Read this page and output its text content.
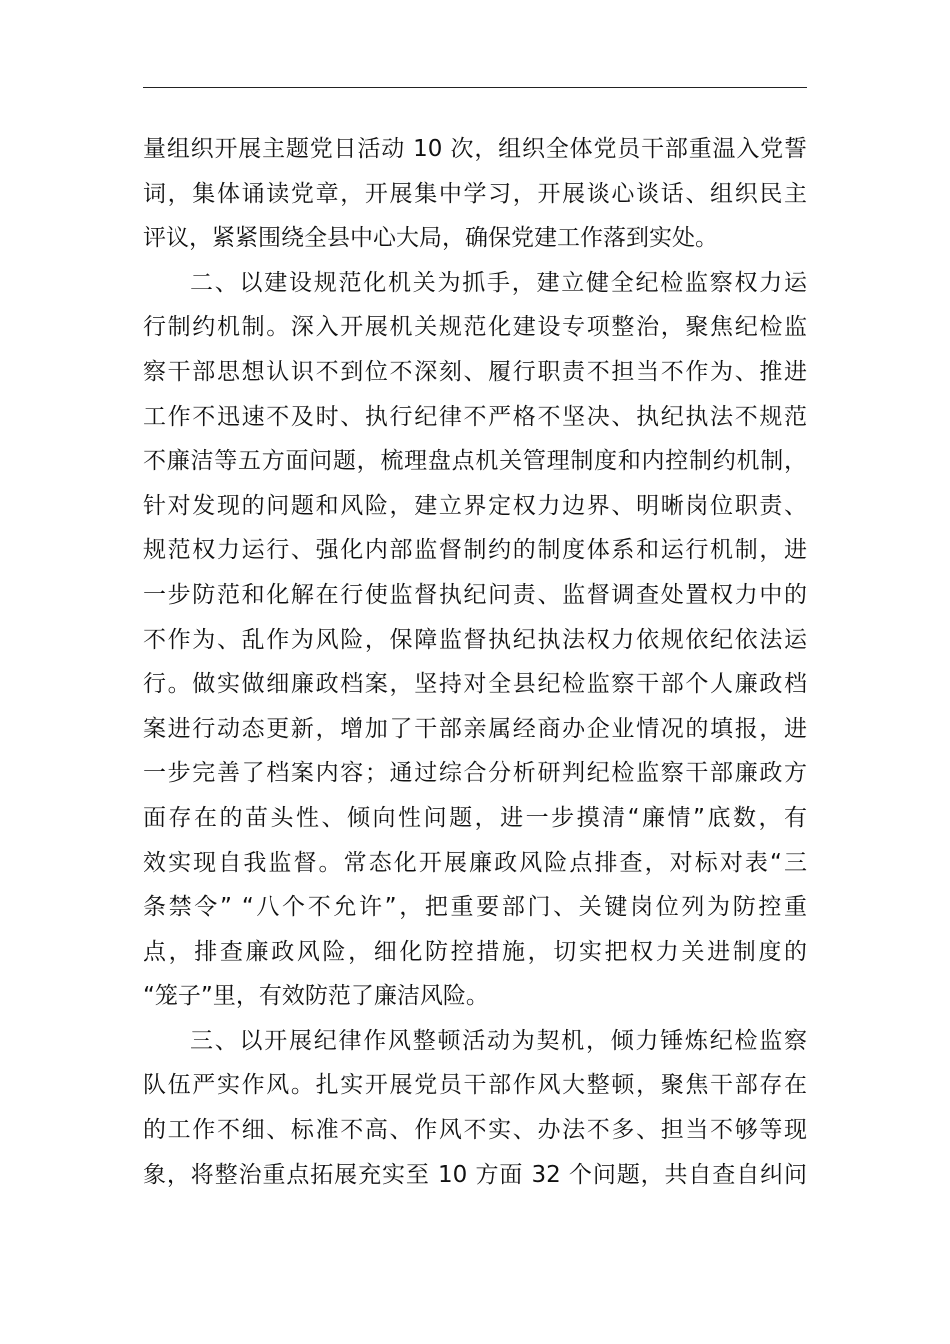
量组织开展主题党日活动 10 次，组织全体党员干部重温入党誓
词，集体诵读党章，开展集中学习，开展谈心谈话、组织民主
评议，紧紧围绕全县中心大局，确保党建工作落到实处。
二、以建设规范化机关为抓手，建立健全纪检监察权力运
行制约机制。深入开展机关规范化建设专项整治，聚焦纪检监
察干部思想认识不到位不深刻、履行职责不担当不作为、推进
工作不迅速不及时、执行纪律不严格不坚决、执纪执法不规范
不廉洁等五方面问题，梳理盘点机关管理制度和内控制约机制，
针对发现的问题和风险，建立界定权力边界、明晰岗位职责、
规范权力运行、强化内部监督制约的制度体系和运行机制，进
一步防范和化解在行使监督执纪问责、监督调查处置权力中的
不作为、乱作为风险，保障监督执纪执法权力依规依纪依法运
行。做实做细廉政档案，坚持对全县纪检监察干部个人廉政档
案进行动态更新，增加了干部亲属经商办企业情况的填报，进
一步完善了档案内容；通过综合分析研判纪检监察干部廉政方
面存在的苗头性、倾向性问题，进一步摸清“廉情”底数，有
效实现自我监督。常态化开展廉政风险点排查，对标对表“三
条禁令” “八个不允许”，把重要部门、关键岗位列为防控重
点，排查廉政风险，细化防控措施，切实把权力关进制度的
“笼子”里，有效防范了廉洁风险。
三、以开展纪律作风整顿活动为契机，倾力锤炼纪检监察
队伍严实作风。扎实开展党员干部作风大整顿，聚焦干部存在
的工作不细、标准不高、作风不实、办法不多、担当不够等现
象，将整治重点拓展充实至 10 方面 32 个问题，共自查自纠问
